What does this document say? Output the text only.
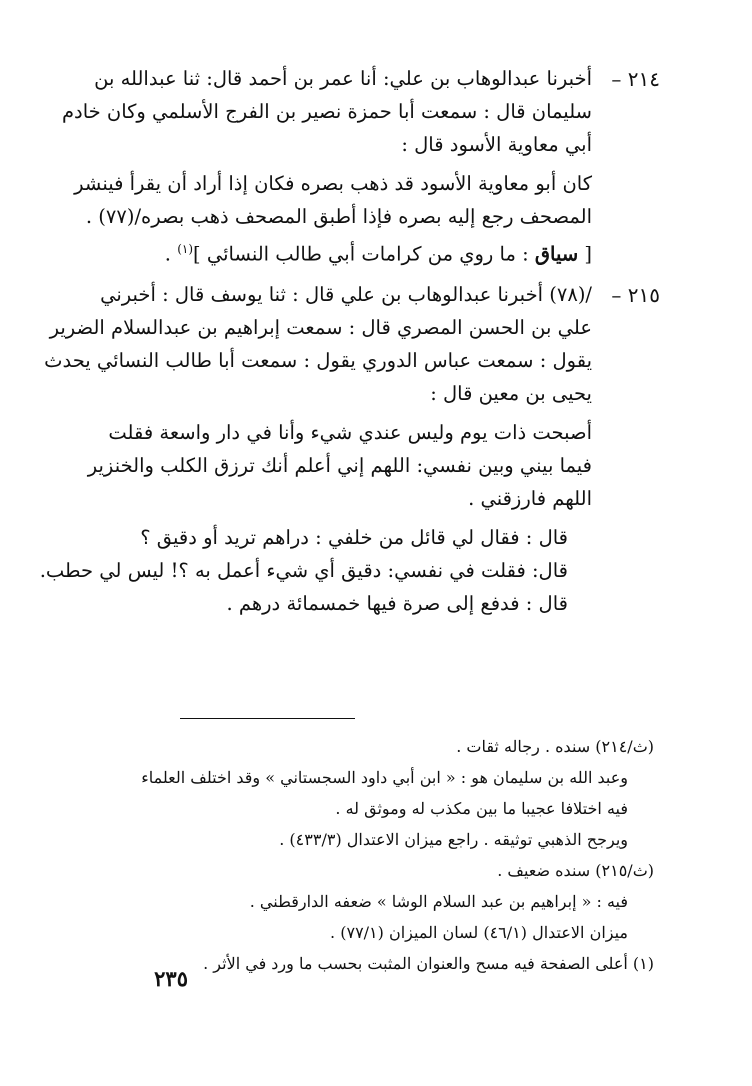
٢١٤ –
أخبرنا عبدالوهاب بن علي: أنا عمر بن أحمد قال: ثنا عبدالله بن
سليمان قال : سمعت أبا حمزة نصير بن الفرج الأسلمي وكان خادم
أبي معاوية الأسود قال :
كان أبو معاوية الأسود قد ذهب بصره فكان إذا أراد أن يقرأ فينشر
المصحف رجع إليه بصره فإذا أطبق المصحف ذهب بصره/(٧٧) .
[ سياق : ما روي من كرامات أبي طالب النسائي ]$^{(١)}$ .
٢١٥ –
/(٧٨) أخبرنا عبدالوهاب بن علي قال : ثنا يوسف قال : أخبرني
علي بن الحسن المصري قال : سمعت إبراهيم بن عبدالسلام الضرير
يقول : سمعت عباس الدوري يقول : سمعت أبا طالب النسائي يحدث
يحيى بن معين قال :
أصبحت ذات يوم وليس عندي شيء وأنا في دار واسعة فقلت
فيما بيني وبين نفسي: اللهم إني أعلم أنك ترزق الكلب والخنزير
اللهم فارزقني .
قال : فقال لي قائل من خلفي : دراهم تريد أو دقيق ؟
قال: فقلت في نفسي: دقيق أي شيء أعمل به ؟! ليس لي حطب.
قال : فدفع إلى صرة فيها خمسمائة درهم .
(ث/٢١٤) سنده . رجاله ثقات .
وعبد الله بن سليمان هو : « ابن أبي داود السجستاني » وقد اختلف العلماء
فيه اختلافا عجيبا ما بين مكذب له وموثق له .
ويرجح الذهبي توثيقه . راجع ميزان الاعتدال (٤٣٣/٣) .
(ث/٢١٥) سنده ضعيف .
فيه : « إبراهيم بن عبد السلام الوشا » ضعفه الدارقطني .
ميزان الاعتدال (٤٦/١) لسان الميزان (٧٧/١) .
(١) أعلى الصفحة فيه مسح والعنوان المثبت بحسب ما ورد في الأثر .
٢٣٥
